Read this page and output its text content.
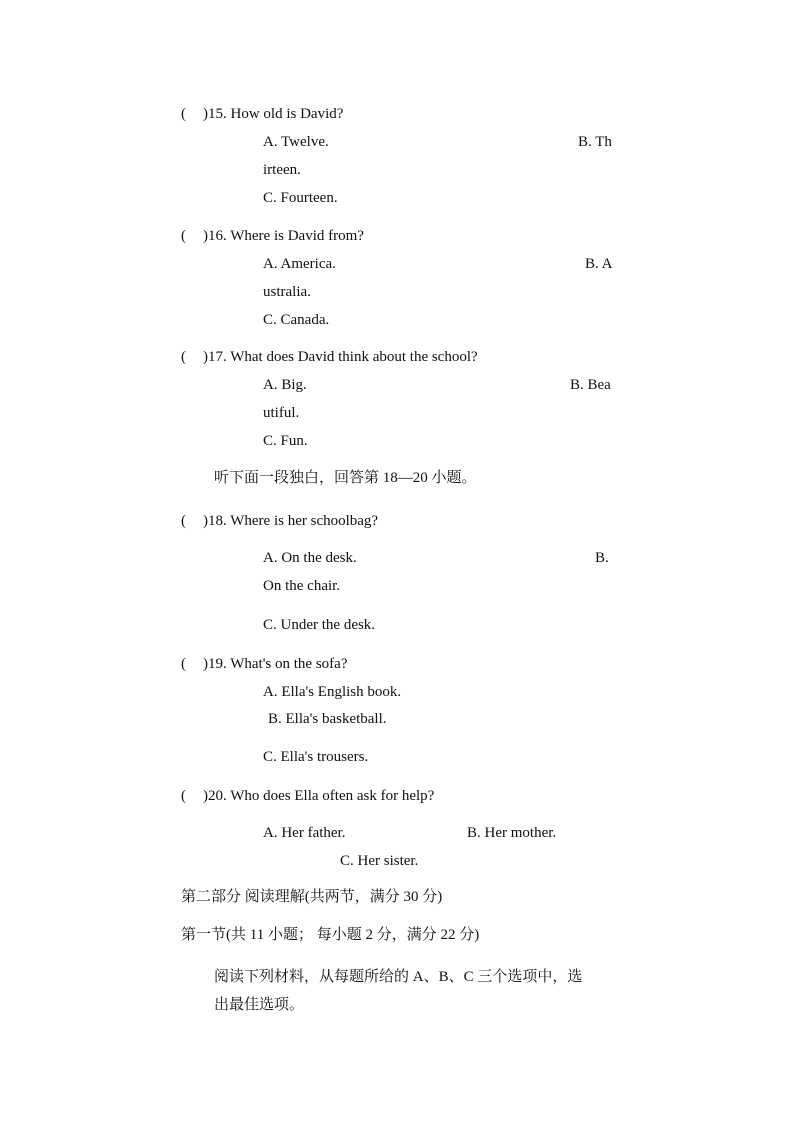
( )15. How old is David?
A. Twelve.	B. Th
irteen.
C. Fourteen.
( )16. Where is David from?
A. America.	B. A
ustralia.
C. Canada.
( )17. What does David think about the school?
A. Big.	B. Bea
utiful.
C. Fun.
听下面一段独白，回答第 18—20 小题。
( )18. Where is her schoolbag?
A. On the desk.	B.
On the chair.
C. Under the desk.
( )19. What's on the sofa?
A. Ella's English book.
B. Ella's basketball.
C. Ella's trousers.
( )20. Who does Ella often ask for help?
A. Her father.	B. Her mother.
C. Her sister.
第二部分 阅读理解(共两节，满分 30 分)
第一节(共 11 小题； 每小题 2 分，满分 22 分)
阅读下列材料，从每题所给的 A、B、C 三个选项中，选
出最佳选项。
